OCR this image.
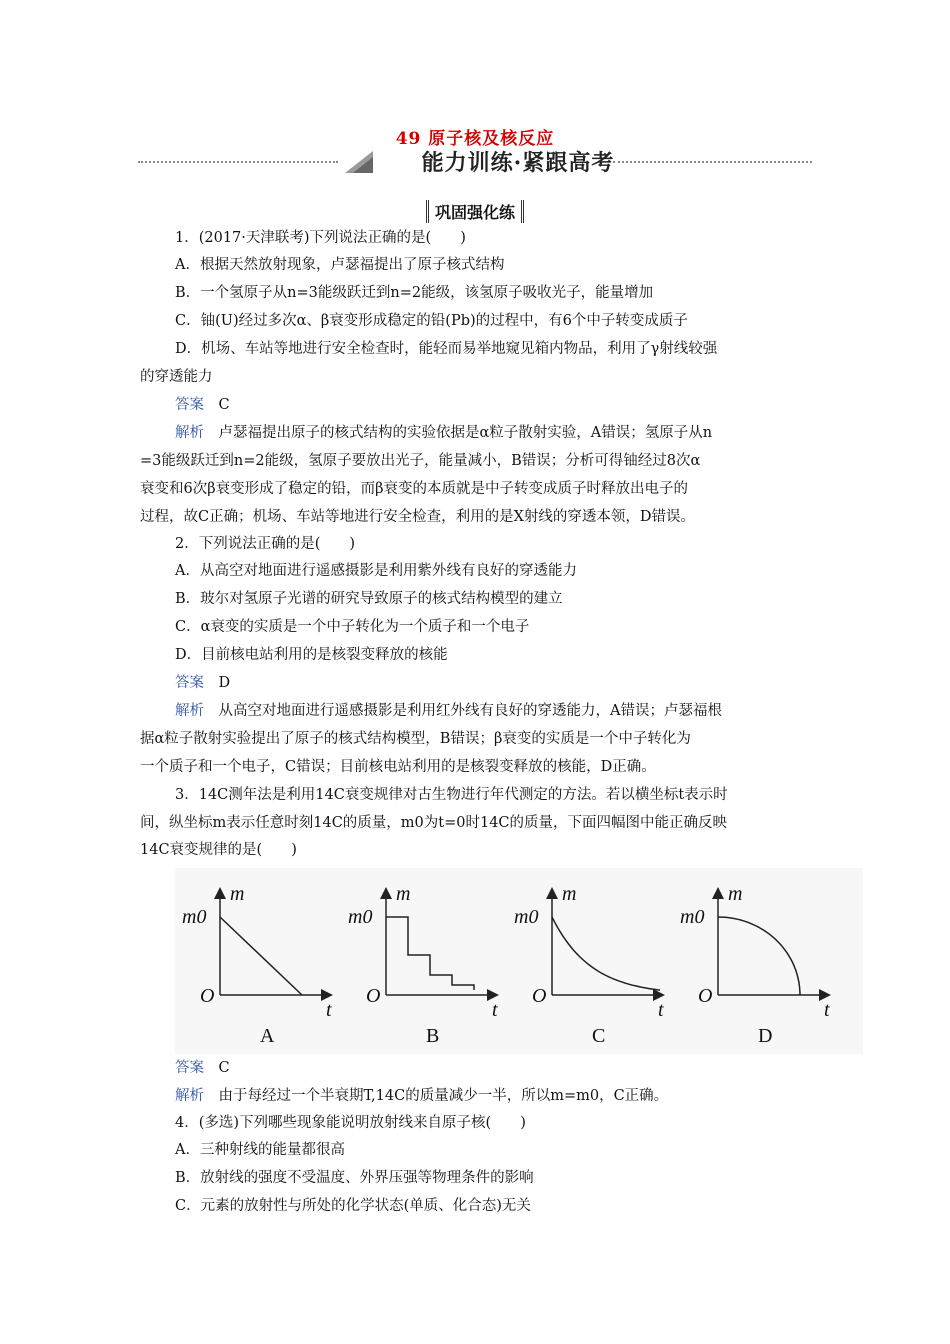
49 原子核及核反应
能力训练·紧跟高考
巩固强化练
1．(2017·天津联考)下列说法正确的是(　　)
A．根据天然放射现象，卢瑟福提出了原子核式结构
B．一个氢原子从n=3能级跃迁到n=2能级，该氢原子吸收光子，能量增加
C．铀(U)经过多次α、β衰变形成稳定的铅(Pb)的过程中，有6个中子转变成质子
D．机场、车站等地进行安全检查时，能轻而易举地窥见箱内物品，利用了γ射线较强
的穿透能力
答案　 C
解析　 卢瑟福提出原子的核式结构的实验依据是α粒子散射实验，A错误；氢原子从n
=3能级跃迁到n=2能级，氢原子要放出光子，能量减小，B错误；分析可得铀经过8次α
衰变和6次β衰变形成了稳定的铅，而β衰变的本质就是中子转变成质子时释放出电子的
过程，故C正确；机场、车站等地进行安全检查，利用的是X射线的穿透本领，D错误。
2．下列说法正确的是(　　)
A．从高空对地面进行遥感摄影是利用紫外线有良好的穿透能力
B．玻尔对氢原子光谱的研究导致原子的核式结构模型的建立
C．α衰变的实质是一个中子转化为一个质子和一个电子
D．目前核电站利用的是核裂变释放的核能
答案　 D
解析　 从高空对地面进行遥感摄影是利用红外线有良好的穿透能力，A错误；卢瑟福根
据α粒子散射实验提出了原子的核式结构模型，B错误；β衰变的实质是一个中子转化为
一个质子和一个电子，C错误；目前核电站利用的是核裂变释放的核能，D正确。
3．14C测年法是利用14C衰变规律对古生物进行年代测定的方法。若以横坐标t表示时
间，纵坐标m表示任意时刻14C的质量，m0为t=0时14C的质量，下面四幅图中能正确反映
14C衰变规律的是(　　)
m
m0
O
t
A
m
m0
O
t
B
m
m0
O
t
C
m
m0
O
t
D
答案　 C
解析　 由于每经过一个半衰期T,14C的质量减少一半，所以m=m0，C正确。
4．(多选)下列哪些现象能说明放射线来自原子核(　　)
A．三种射线的能量都很高
B．放射线的强度不受温度、外界压强等物理条件的影响
C．元素的放射性与所处的化学状态(单质、化合态)无关
